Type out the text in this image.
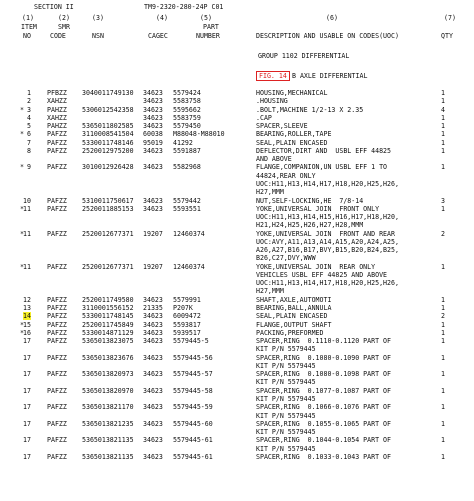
SECTION II	TM9-2320-280-24P C01
(1)	(2)	(3)	(4)	(5)	(6)	(7)
ITEM	SMR	PART
NO	CODE	NSN	CAGEC	NUMBER	DESCRIPTION AND USABLE ON CODES(UOC)	QTY
GROUP 1102 DIFFERENTIAL
FIG. 14 B AXLE DIFFERENTIAL
1 PFBZZ 3040011749130 34623 5579424	HOUSING,MECHANICAL	1
2 XAHZZ	34623 5583758	.HOUSING	1
* 3 PAHZZ 5306012542358 34623 5595662	.BOLT,MACHINE 1/2-13 X 2.35	4
4 XAHZZ	34623 5583759	.CAP	1
5 PAHZZ 5365011802585 34623 5579450	SPACER,SLEEVE	1
* 6 PAFZZ 3110008541504 60038 M88048-M88010	BEARING,ROLLER,TAPE	1
7 PAFZZ 5330011748146 95019 41292	SEAL,PLAIN ENCASED	1
8 PAFZZ 2520012975200 34623 5591887	DEFLECTOR,DIRT AND  USBL EFF 44825	1
AND ABOVE
* 9 PAFZZ 3010012926428 34623 5582968	FLANGE,COMPANION,UN USBL EFF 1 TO	1
44824,REAR ONLY
UOC:H11,H13,H14,H17,H18,H20,H25,H26,
H27,MMM
10 PAFZZ 5310011750617 34623 5579442	NUT,SELF-LOCKING,HE  7/8-14	3
* 11 PAFZZ 2520011885153 34623 5593551	YOKE,UNIVERSAL JOIN  FRONT ONLY	1
UOC:H11,H13,H14,H15,H16,H17,H18,H20,
H21,H24,H25,H26,H27,H28,MMM
* 11 PAFZZ 2520012677371 19207 12460374	YOKE,UNIVERSAL JOIN  FRONT AND REAR	2
UOC:AVY,A11,A13,A14,A15,A20,A24,A25,
A26,A27,B16,B17,BVY,B15,B20,B24,B25,
B26,C27,DVY,WWW
* 11 PAFZZ 2520012677371 19207 12460374	YOKE,UNIVERSAL JOIN  REAR ONLY	1
VEHICLES USBL EFF 44825 AND ABOVE
UOC:H11,H13,H14,H17,H18,H20,H25,H26,
H27,MMM
12 PAFZZ 2520011749580 34623 5579991	SHAFT,AXLE,AUTOMOTI	1
13 PAFZZ 3110001556152 21335 P207K	BEARING,BALL,ANNULA	1
14 PAFZZ 5330011748145 34623 6009472	SEAL,PLAIN ENCASED	2
* 15 PAFZZ 2520011745849 34623 5593817	FLANGE,OUTPUT SHAFT	1
* 16 PAFZZ 5330014871129 34623 5939517	PACKING,PREFORMED	1
17 PAFZZ 5365013823075 34623 5579445-5	SPACER,RING  0.1110-0.1120 PART OF	1
KIT P/N 5579445
17 PAFZZ 5365013823676 34623 5579445-56	SPACER,RING  0.1080-0.1090 PART OF	1
KIT P/N 5579445
17 PAFZZ 5365013820973 34623 5579445-57	SPACER,RING  0.1080-0.1098 PART OF	1
KIT P/N 5579445
17 PAFZZ 5365013820970 34623 5579445-58	SPACER,RING  0.1077-0.1087 PART OF	1
KIT P/N 5579445
17 PAFZZ 5365013821170 34623 5579445-59	SPACER,RING  0.1066-0.1076 PART OF	1
KIT P/N 5579445
17 PAFZZ 5365013821235 34623 5579445-60	SPACER,RING  0.1055-0.1065 PART OF	1
KIT P/N 5579445
17 PAFZZ 5365013821135 34623 5579445-61	SPACER,RING  0.1044-0.1054 PART OF	1
KIT P/N 5579445
17 PAFZZ 5365013821135 34623 5579445-61	SPACER,RING  0.1033-0.1043 PART OF	1
